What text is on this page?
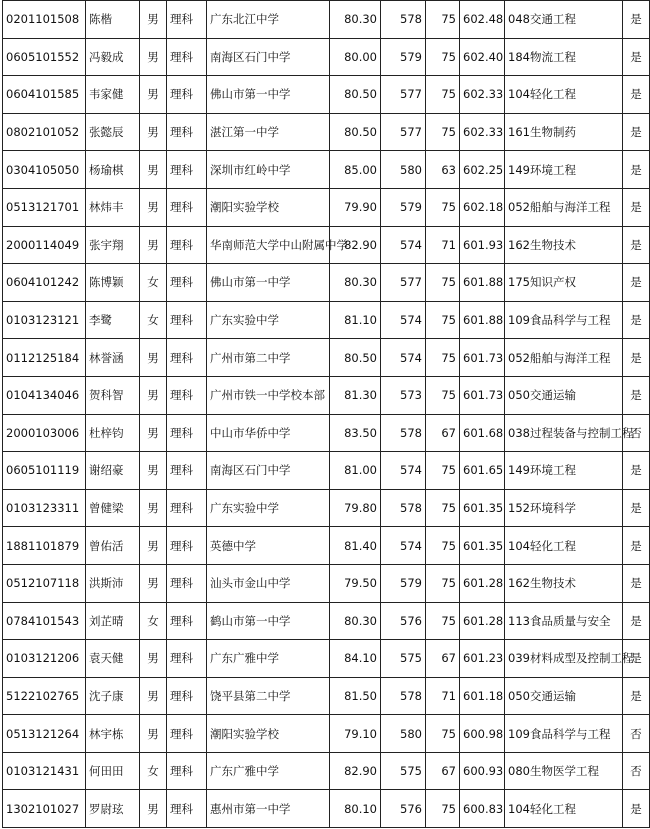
0201101508	陈楷	男	理科	广东北江中学	80.30	578	75	602.48	048交通工程	是
0605101552	冯毅成	男	理科	南海区石门中学	80.00	579	75	602.40	184物流工程	是
0604101585	韦家健	男	理科	佛山市第一中学	80.50	577	75	602.33	104轻化工程	是
0802101052	张懿辰	男	理科	湛江第一中学	80.50	577	75	602.33	161生物制药	是
0304105050	杨瑜棋	男	理科	深圳市红岭中学	85.00	580	63	602.25	149环境工程	是
0513121701	林炜丰	男	理科	潮阳实验学校	79.90	579	75	602.18	052船舶与海洋工程	是
2000114049	张宇翔	男	理科	华南师范大学中山附属中学	82.90	574	71	601.93	162生物技术	是
0604101242	陈博颖	女	理科	佛山市第一中学	80.30	577	75	601.88	175知识产权	是
0103123121	李鹭	女	理科	广东实验中学	81.10	574	75	601.88	109食品科学与工程	是
0112125184	林誉涵	男	理科	广州市第二中学	80.50	574	75	601.73	052船舶与海洋工程	是
0104134046	贺科智	男	理科	广州市铁一中学校本部	81.30	573	75	601.73	050交通运输	是
2000103006	杜梓钧	男	理科	中山市华侨中学	83.50	578	67	601.68	038过程装备与控制工程	否
0605101119	谢绍豪	男	理科	南海区石门中学	81.00	574	75	601.65	149环境工程	是
0103123311	曾健梁	男	理科	广东实验中学	79.80	578	75	601.35	152环境科学	是
1881101879	曾佑活	男	理科	英德中学	81.40	574	75	601.35	104轻化工程	是
0512107118	洪斯沛	男	理科	汕头市金山中学	79.50	579	75	601.28	162生物技术	是
0784101543	刘芷晴	女	理科	鹤山市第一中学	80.30	576	75	601.28	113食品质量与安全	是
0103121206	袁天健	男	理科	广东广雅中学	84.10	575	67	601.23	039材料成型及控制工程	是
5122102765	沈子康	男	理科	饶平县第二中学	81.50	578	71	601.18	050交通运输	是
0513121264	林宇栋	男	理科	潮阳实验学校	79.10	580	75	600.98	109食品科学与工程	否
0103121431	何田田	女	理科	广东广雅中学	82.90	575	67	600.93	080生物医学工程	否
1302101027	罗尉玹	男	理科	惠州市第一中学	80.10	576	75	600.83	104轻化工程	是
